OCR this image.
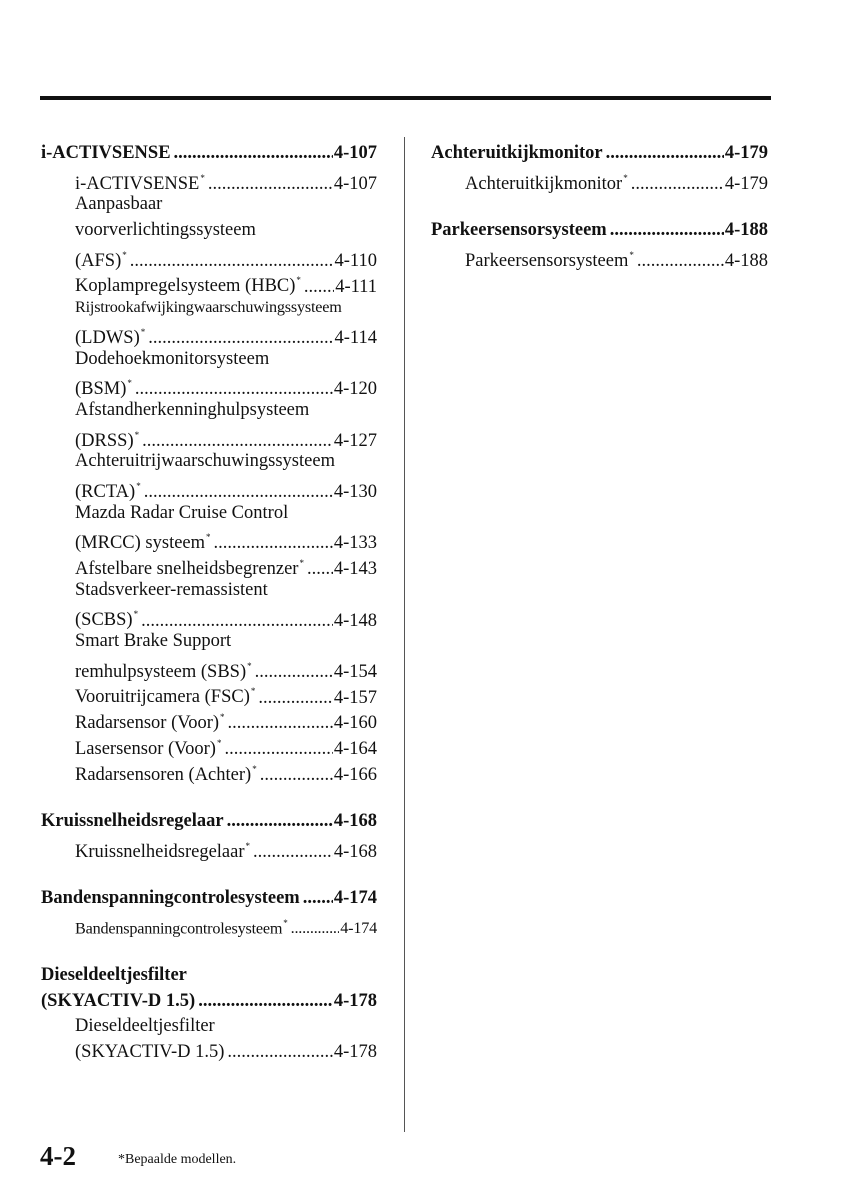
i-ACTIVSENSE .....	4-107
i-ACTIVSENSE* .....	4-107
Aanpasbaar
voorverlichtingssysteem
(AFS)* .....	4-110
Koplampregelsysteem (HBC)* ..... 4-111
Rijstrookafwijkingwaarschuwingssysteem
(LDWS)* .....	4-114
Dodehoekmonitorsysteem
(BSM)* .....	4-120
Afstandherkenninghulpsysteem
(DRSS)* .....	4-127
Achteruitrijwaarschuwingssysteem
(RCTA)* .....	4-130
Mazda Radar Cruise Control
(MRCC) systeem* .....	4-133
Afstelbare snelheidsbegrenzer* ..... 4-143
Stadsverkeer-remassistent
(SCBS)* .....	4-148
Smart Brake Support
remhulpsysteem (SBS)* .....	4-154
Vooruitrijcamera (FSC)* .....	4-157
Radarsensor (Voor)* .....	4-160
Lasersensor (Voor)* .....	4-164
Radarsensoren (Achter)* .....	4-166
Kruissnelheidsregelaar .....	4-168
Kruissnelheidsregelaar* .....	4-168
Bandenspanningcontrolesysteem ..... 4-174
Bandenspanningcontrolesysteem* .....	4-174
Dieseldeeltjesfilter
(SKYACTIV-D 1.5) .....	4-178
Dieseldeeltjesfilter
(SKYACTIV-D 1.5) .....	4-178
Achteruitkijkmonitor .....	4-179
Achteruitkijkmonitor* .....	4-179
Parkeersensorsysteem .....	4-188
Parkeersensorsysteem* .....	4-188
4-2	*Bepaalde modellen.
